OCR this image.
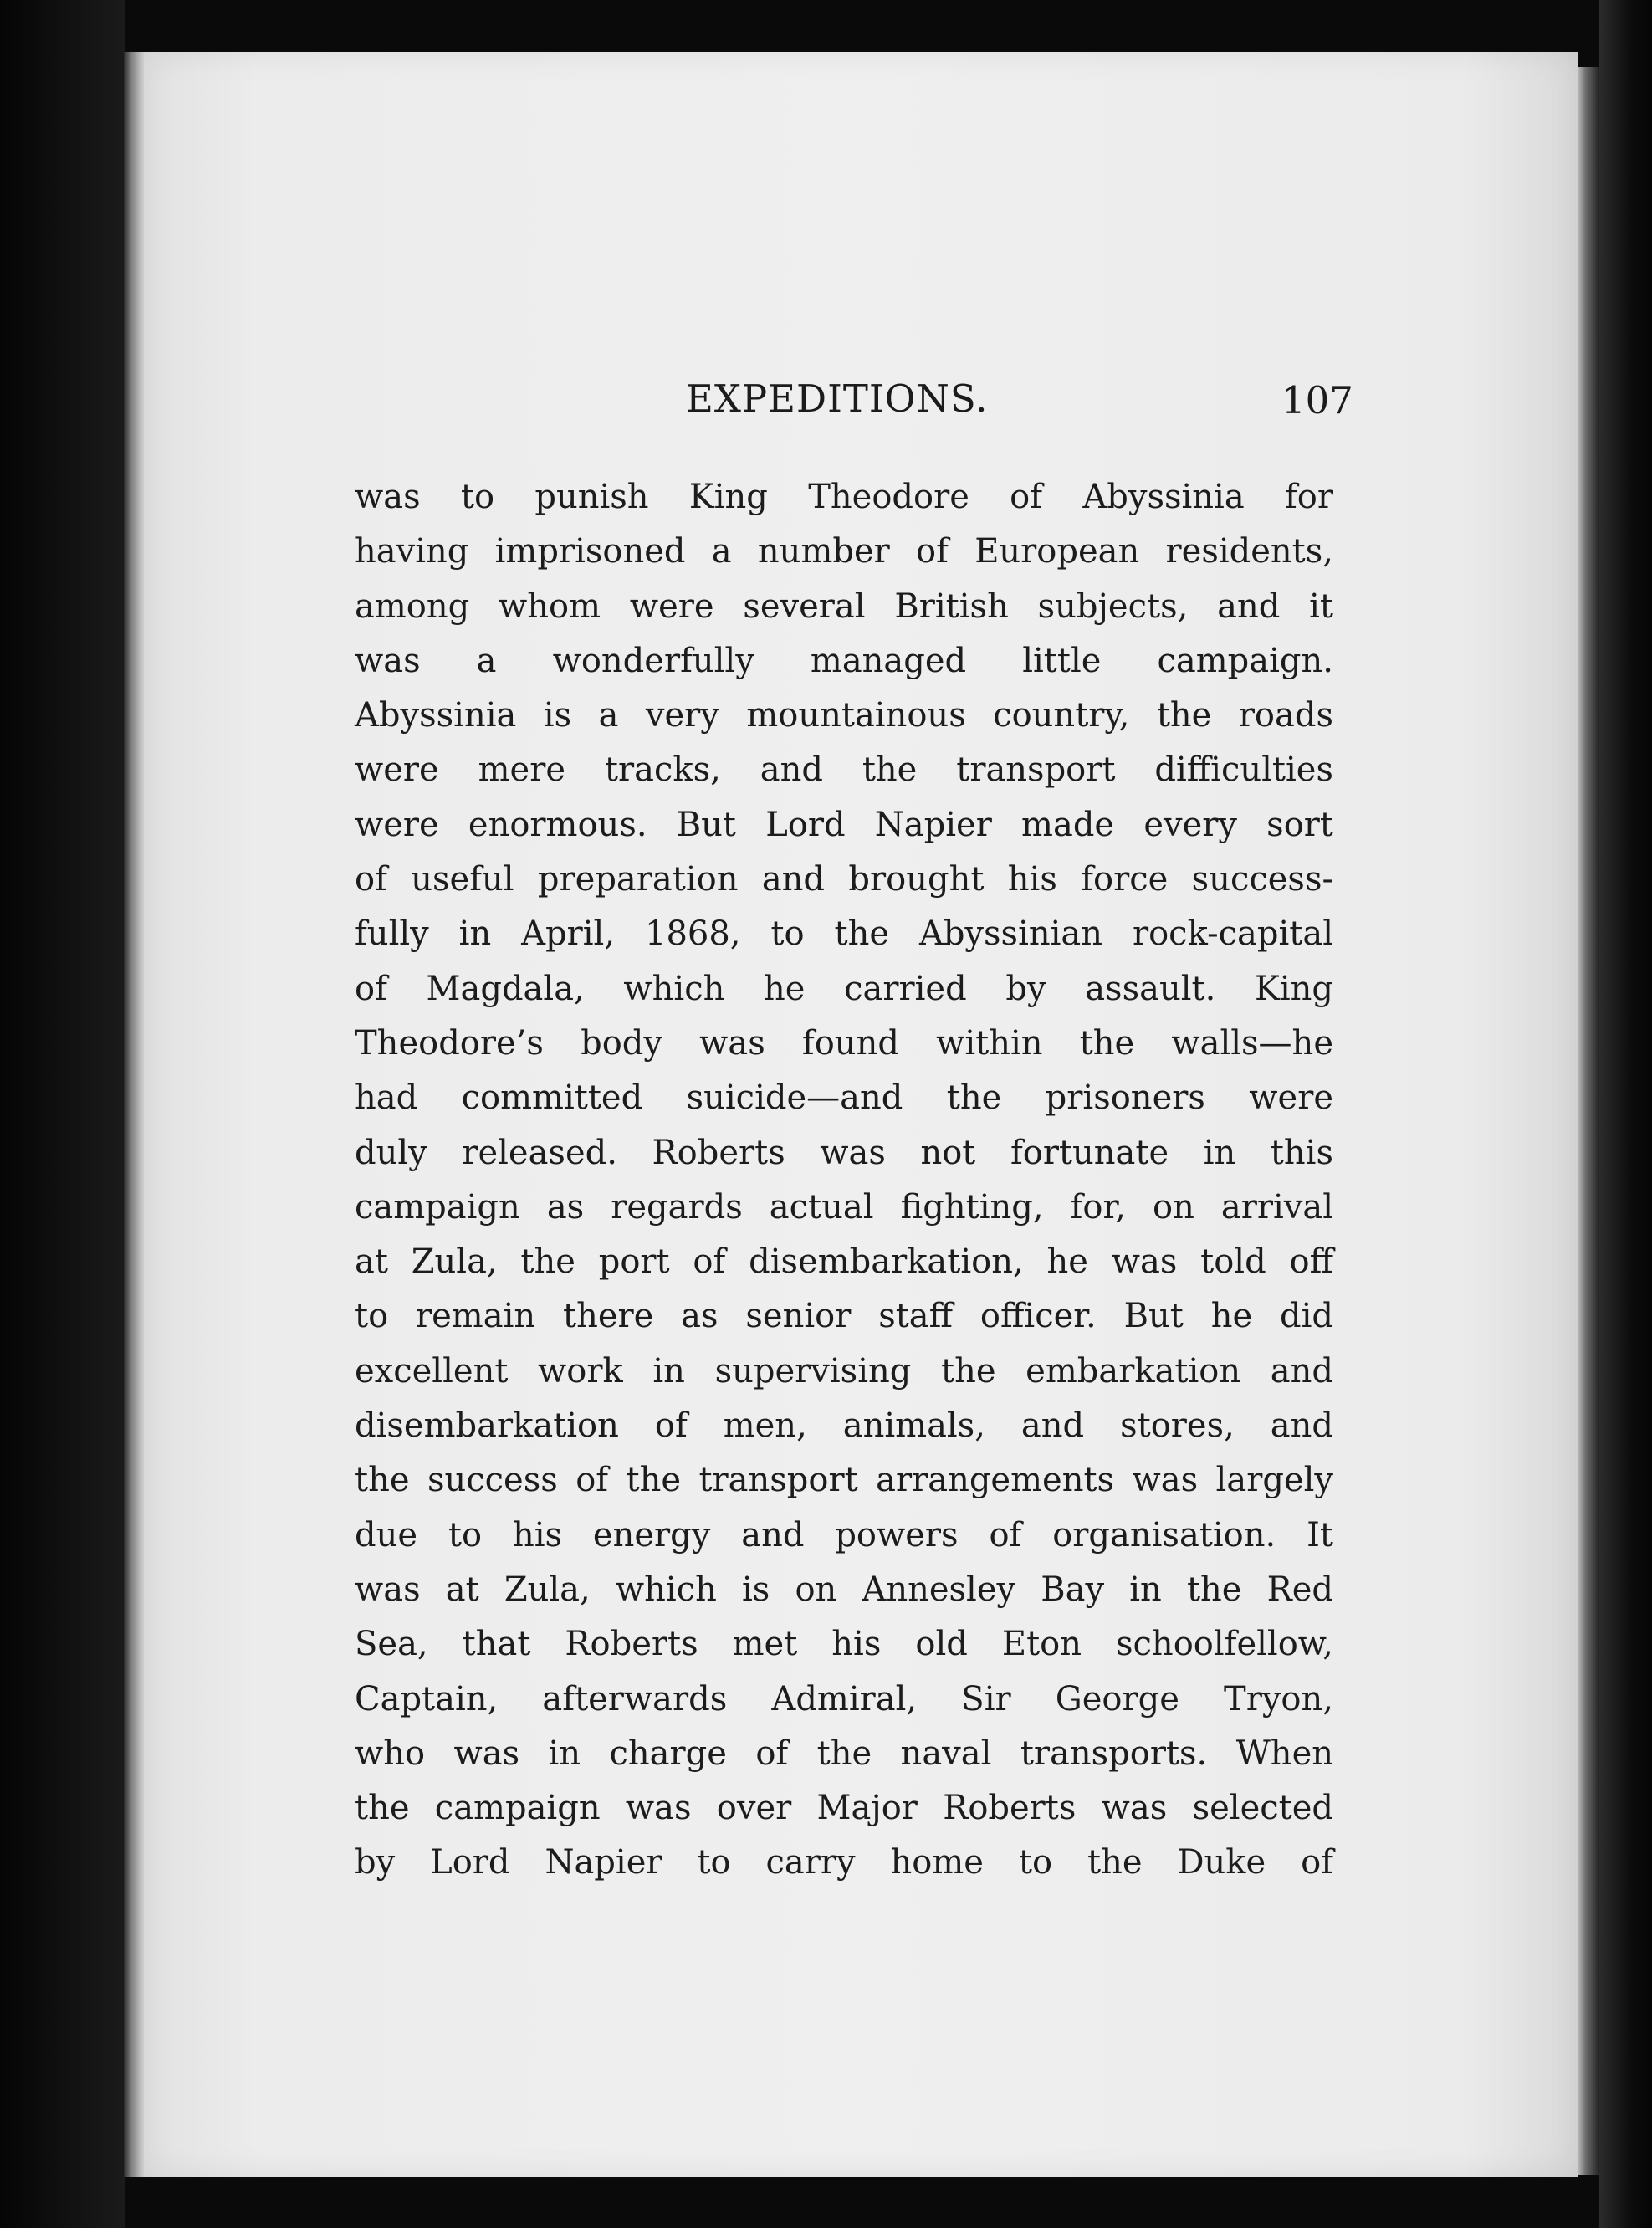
EXPEDITIONS.	107
was to punish King Theodore of Abyssinia for
having imprisoned a number of European residents,
among whom were several British subjects, and it
was a wonderfully managed little campaign.
Abyssinia is a very mountainous country, the roads
were mere tracks, and the transport difficulties
were enormous. But Lord Napier made every sort
of useful preparation and brought his force success-
fully in April, 1868, to the Abyssinian rock-capital
of Magdala, which he carried by assault. King
Theodore’s body was found within the walls—he
had committed suicide—and the prisoners were
duly released. Roberts was not fortunate in this
campaign as regards actual fighting, for, on arrival
at Zula, the port of disembarkation, he was told off
to remain there as senior staff officer. But he did
excellent work in supervising the embarkation and
disembarkation of men, animals, and stores, and
the success of the transport arrangements was largely
due to his energy and powers of organisation. It
was at Zula, which is on Annesley Bay in the Red
Sea, that Roberts met his old Eton schoolfellow,
Captain, afterwards Admiral, Sir George Tryon,
who was in charge of the naval transports. When
the campaign was over Major Roberts was selected
by Lord Napier to carry home to the Duke of
